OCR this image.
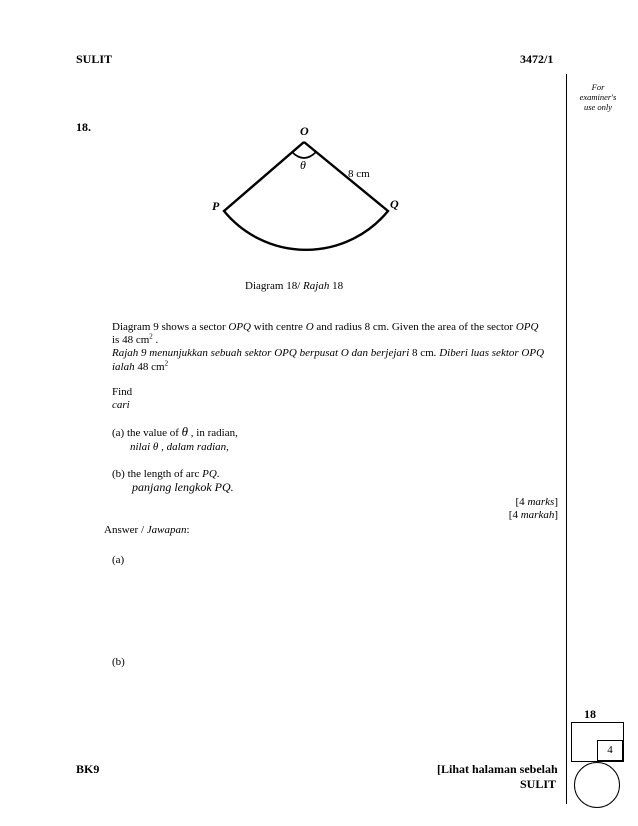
SULIT	3472/1
For
examiner's
use only
18.	O
θ
8 cm
P	Q
Diagram 18/ Rajah 18
Diagram 9 shows a sector OPQ with centre O and radius 8 cm. Given the area of the sector OPQ
is 48 $cm^2$ .
Rajah 9 menunjukkan sebuah sektor OPQ berpusat O dan berjejari 8 cm. Diberi luas sektor OPQ
ialah 48 $cm^2$
Find
cari
(a) the value of θ , in radian,
nilai θ , dalam radian,
(b) the length of arc PQ.
panjang lengkok PQ.
[4 marks]
[4 markah]
Answer / Jawapan:
(a)
(b)
18
4
BK9	[Lihat halaman sebelah
SULIT
